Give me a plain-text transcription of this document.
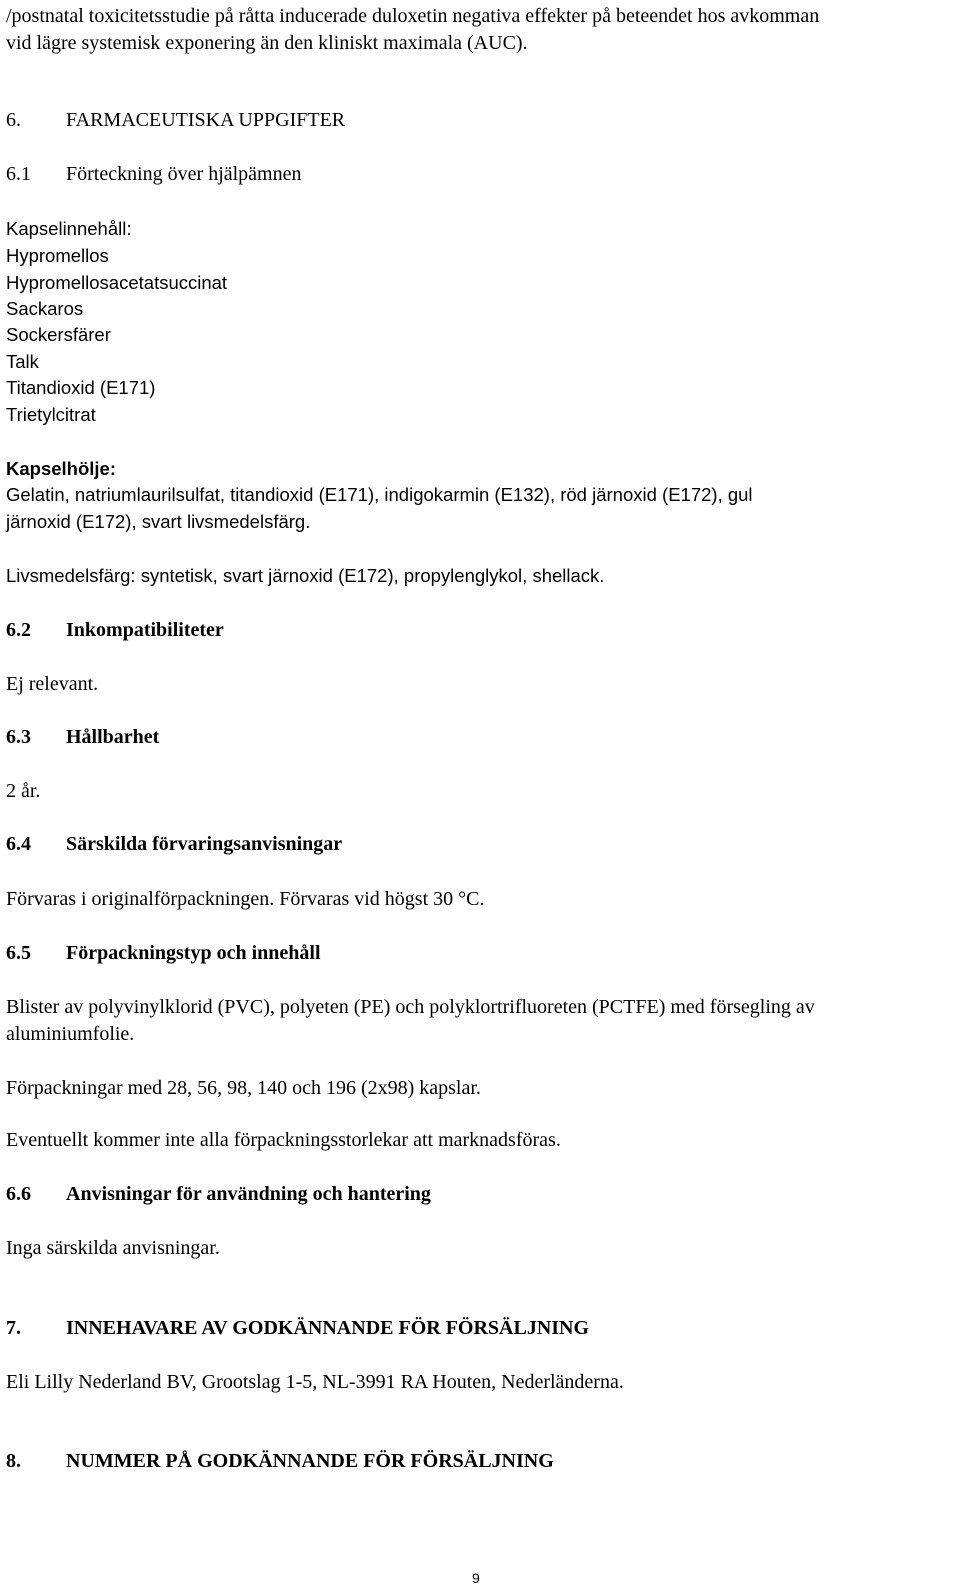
/postnatal toxicitetsstudie på råtta inducerade duloxetin negativa effekter på beteendet hos avkomman
vid lägre systemisk exponering än den kliniskt maximala (AUC).
6. FARMACEUTISKA UPPGIFTER
6.1 Förteckning över hjälpämnen
Kapselinnehåll:
Hypromellos
Hypromellosacetatsuccinat
Sackaros
Sockersfärer
Talk
Titandioxid (E171)
Trietylcitrat
Kapselhölje:
Gelatin, natriumlaurilsulfat, titandioxid (E171), indigokarmin (E132), röd järnoxid (E172), gul
järnoxid (E172), svart livsmedelsfärg.
Livsmedelsfärg: syntetisk, svart järnoxid (E172), propylenglykol, shellack.
6.2 Inkompatibiliteter
Ej relevant.
6.3 Hållbarhet
2 år.
6.4 Särskilda förvaringsanvisningar
Förvaras i originalförpackningen. Förvaras vid högst 30 °C.
6.5 Förpackningstyp och innehåll
Blister av polyvinylklorid (PVC), polyeten (PE) och polyklortrifluoreten (PCTFE) med försegling av
aluminiumfolie.
Förpackningar med 28, 56, 98, 140 och 196 (2x98) kapslar.
Eventuellt kommer inte alla förpackningsstorlekar att marknadsföras.
6.6 Anvisningar för användning och hantering
Inga särskilda anvisningar.
7. INNEHAVARE AV GODKÄNNANDE FÖR FÖRSÄLJNING
Eli Lilly Nederland BV, Grootslag 1-5, NL-3991 RA Houten, Nederländerna.
8. NUMMER PÅ GODKÄNNANDE FÖR FÖRSÄLJNING
9
